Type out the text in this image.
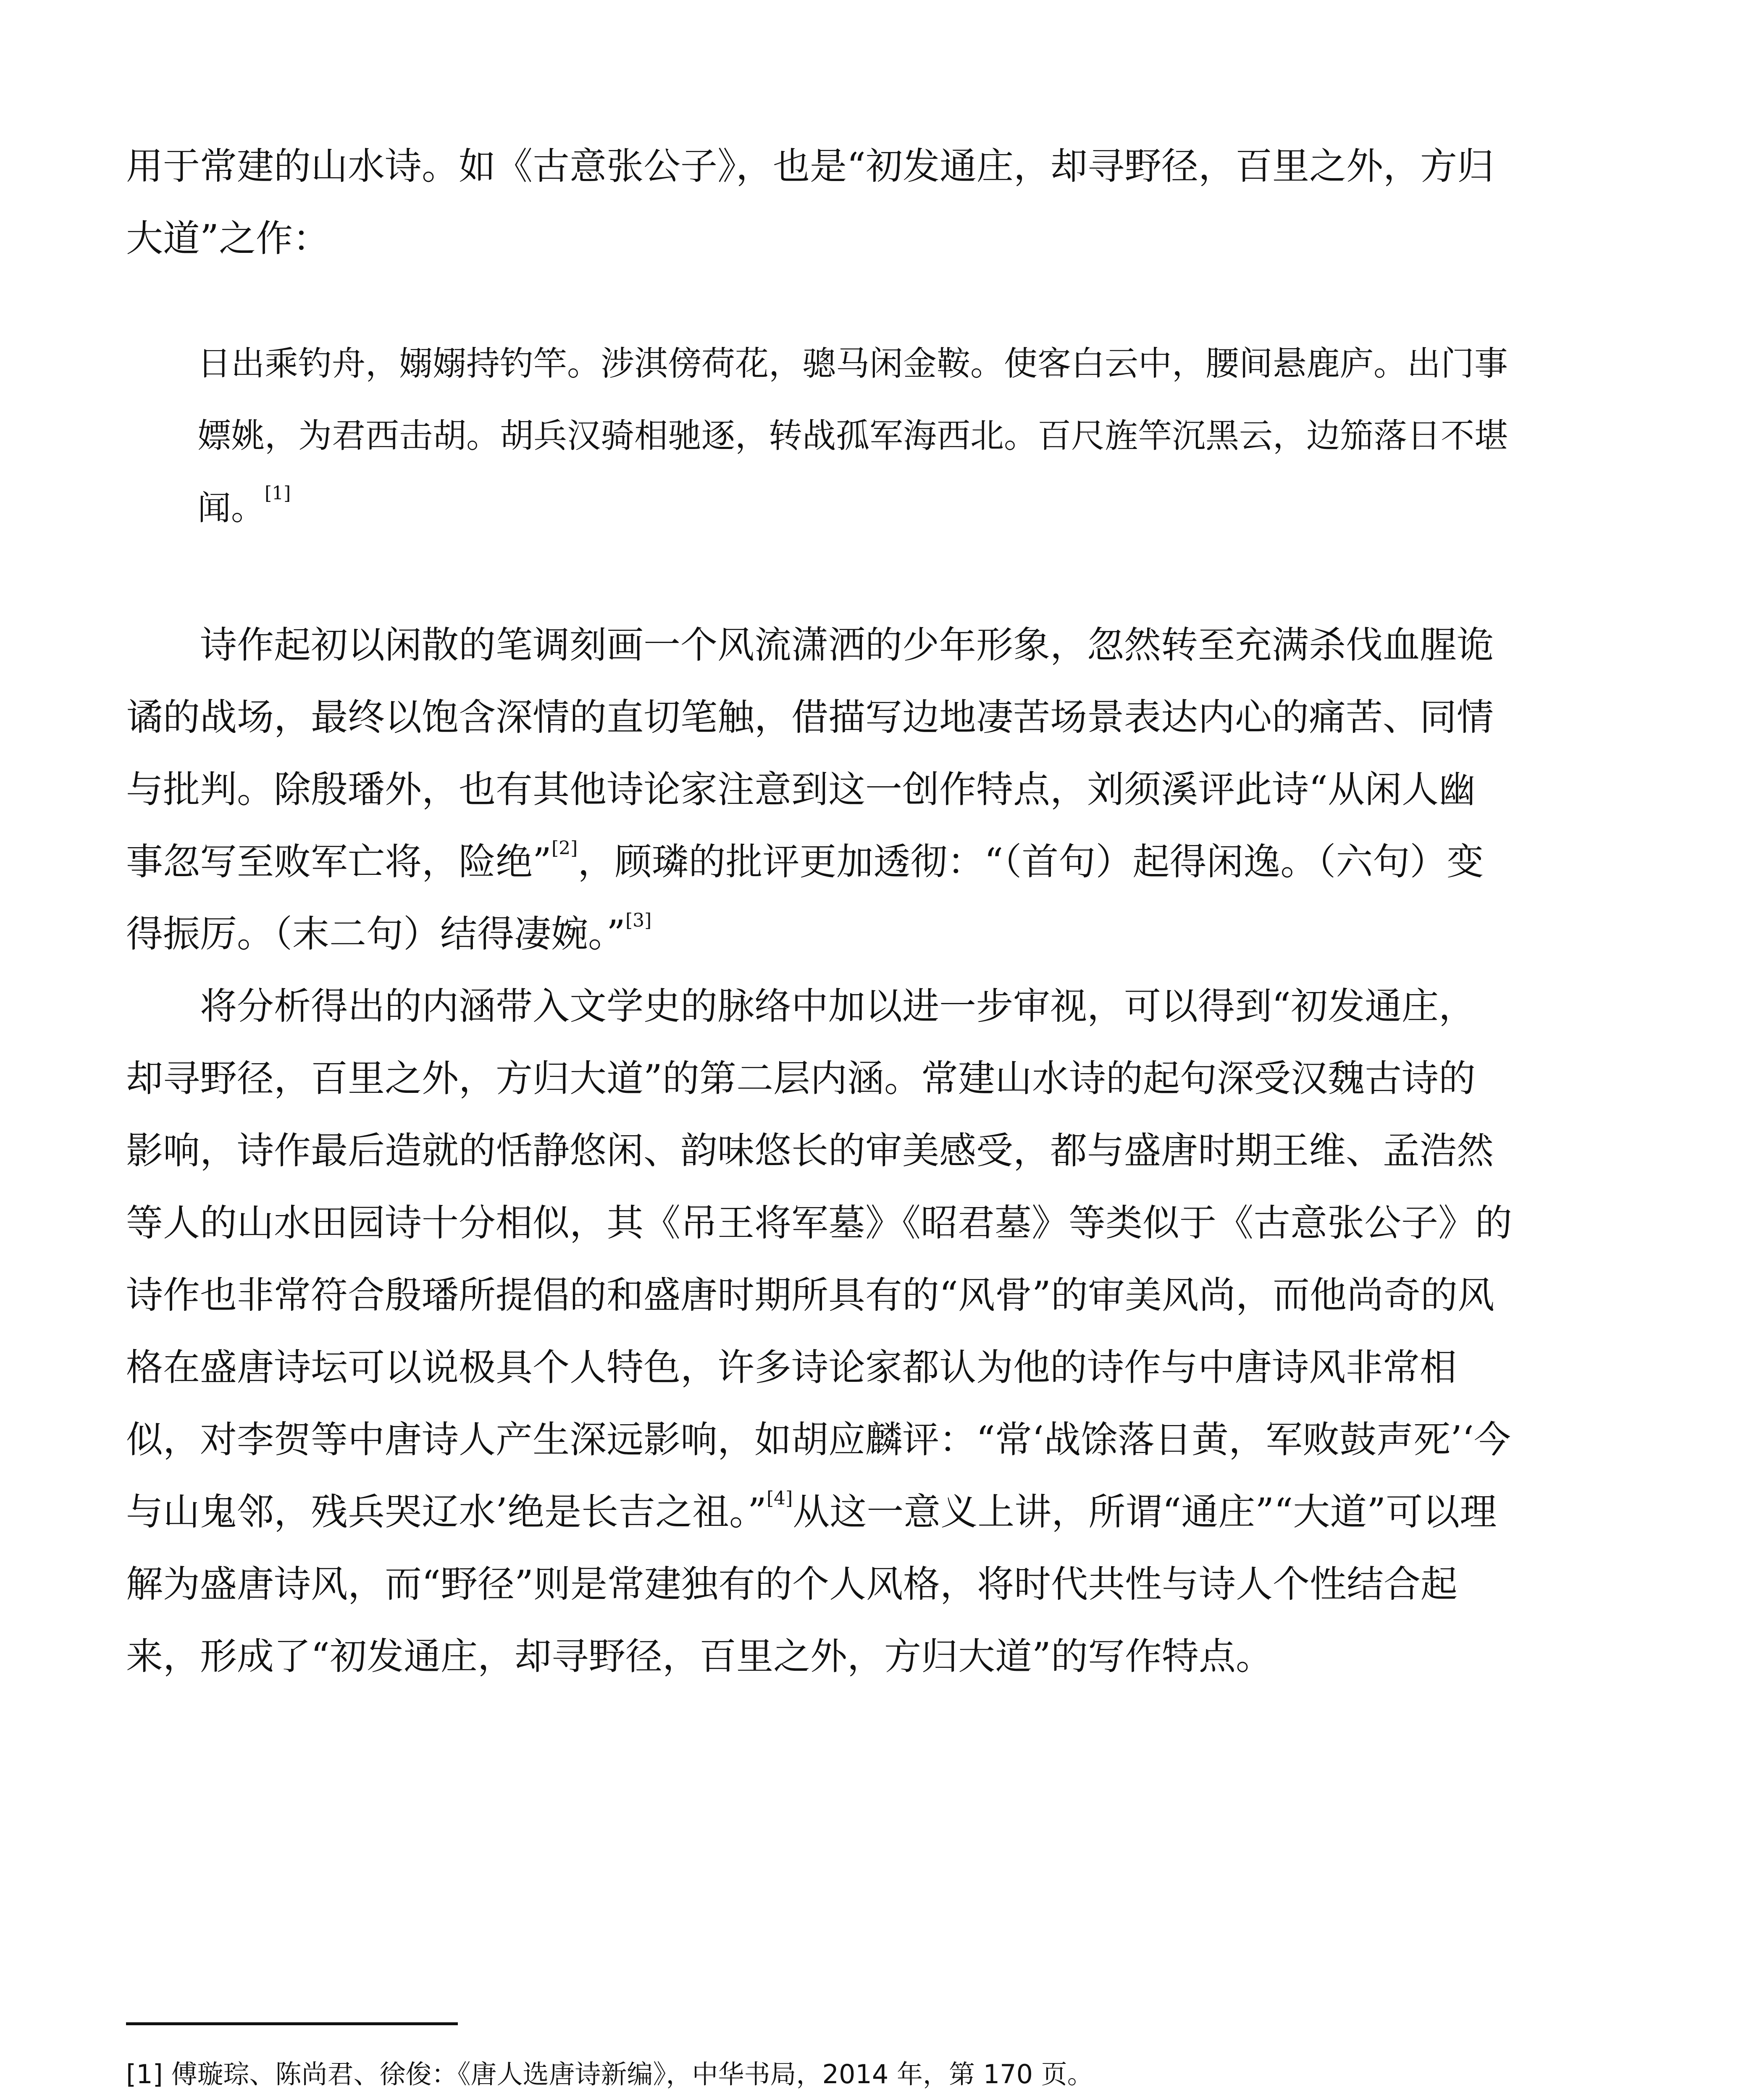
用于常建的山水诗。如《古意张公子》，也是“初发通庄，却寻野径，百里之外，方归大道”之作：

日出乘钓舟，嫋嫋持钓竿。涉淇傍荷花，骢马闲金鞍。使客白云中，腰间悬鹿庐。出门事嫖姚，为君西击胡。胡兵汉骑相驰逐，转战孤军海西北。百尺旌竿沉黑云，边笳落日不堪闻。[1]

诗作起初以闲散的笔调刻画一个风流潇洒的少年形象，忽然转至充满杀伐血腥诡谲的战场，最终以饱含深情的直切笔触，借描写边地凄苦场景表达内心的痛苦、同情与批判。除殷璠外，也有其他诗论家注意到这一创作特点，刘须溪评此诗“从闲人幽事忽写至败军亡将，险绝”[2]，顾璘的批评更加透彻：“（首句）起得闲逸。（六句）变得振厉。（末二句）结得凄婉。”[3]

将分析得出的内涵带入文学史的脉络中加以进一步审视，可以得到“初发通庄，却寻野径，百里之外，方归大道”的第二层内涵。常建山水诗的起句深受汉魏古诗的影响，诗作最后造就的恬静悠闲、韵味悠长的审美感受，都与盛唐时期王维、孟浩然等人的山水田园诗十分相似，其《吊王将军墓》《昭君墓》等类似于《古意张公子》的诗作也非常符合殷璠所提倡的和盛唐时期所具有的“风骨”的审美风尚，而他尚奇的风格在盛唐诗坛可以说极具个人特色，许多诗论家都认为他的诗作与中唐诗风非常相似，对李贺等中唐诗人产生深远影响，如胡应麟评：“常‘战馀落日黄，军败鼓声死’‘今与山鬼邻，残兵哭辽水’绝是长吉之祖。”[4]从这一意义上讲，所谓“通庄”“大道”可以理解为盛唐诗风，而“野径”则是常建独有的个人风格，将时代共性与诗人个性结合起来，形成了“初发通庄，却寻野径，百里之外，方归大道”的写作特点。

[1] 傅璇琮、陈尚君、徐俊：《唐人选唐诗新编》，中华书局，2014 年，第 170 页。
